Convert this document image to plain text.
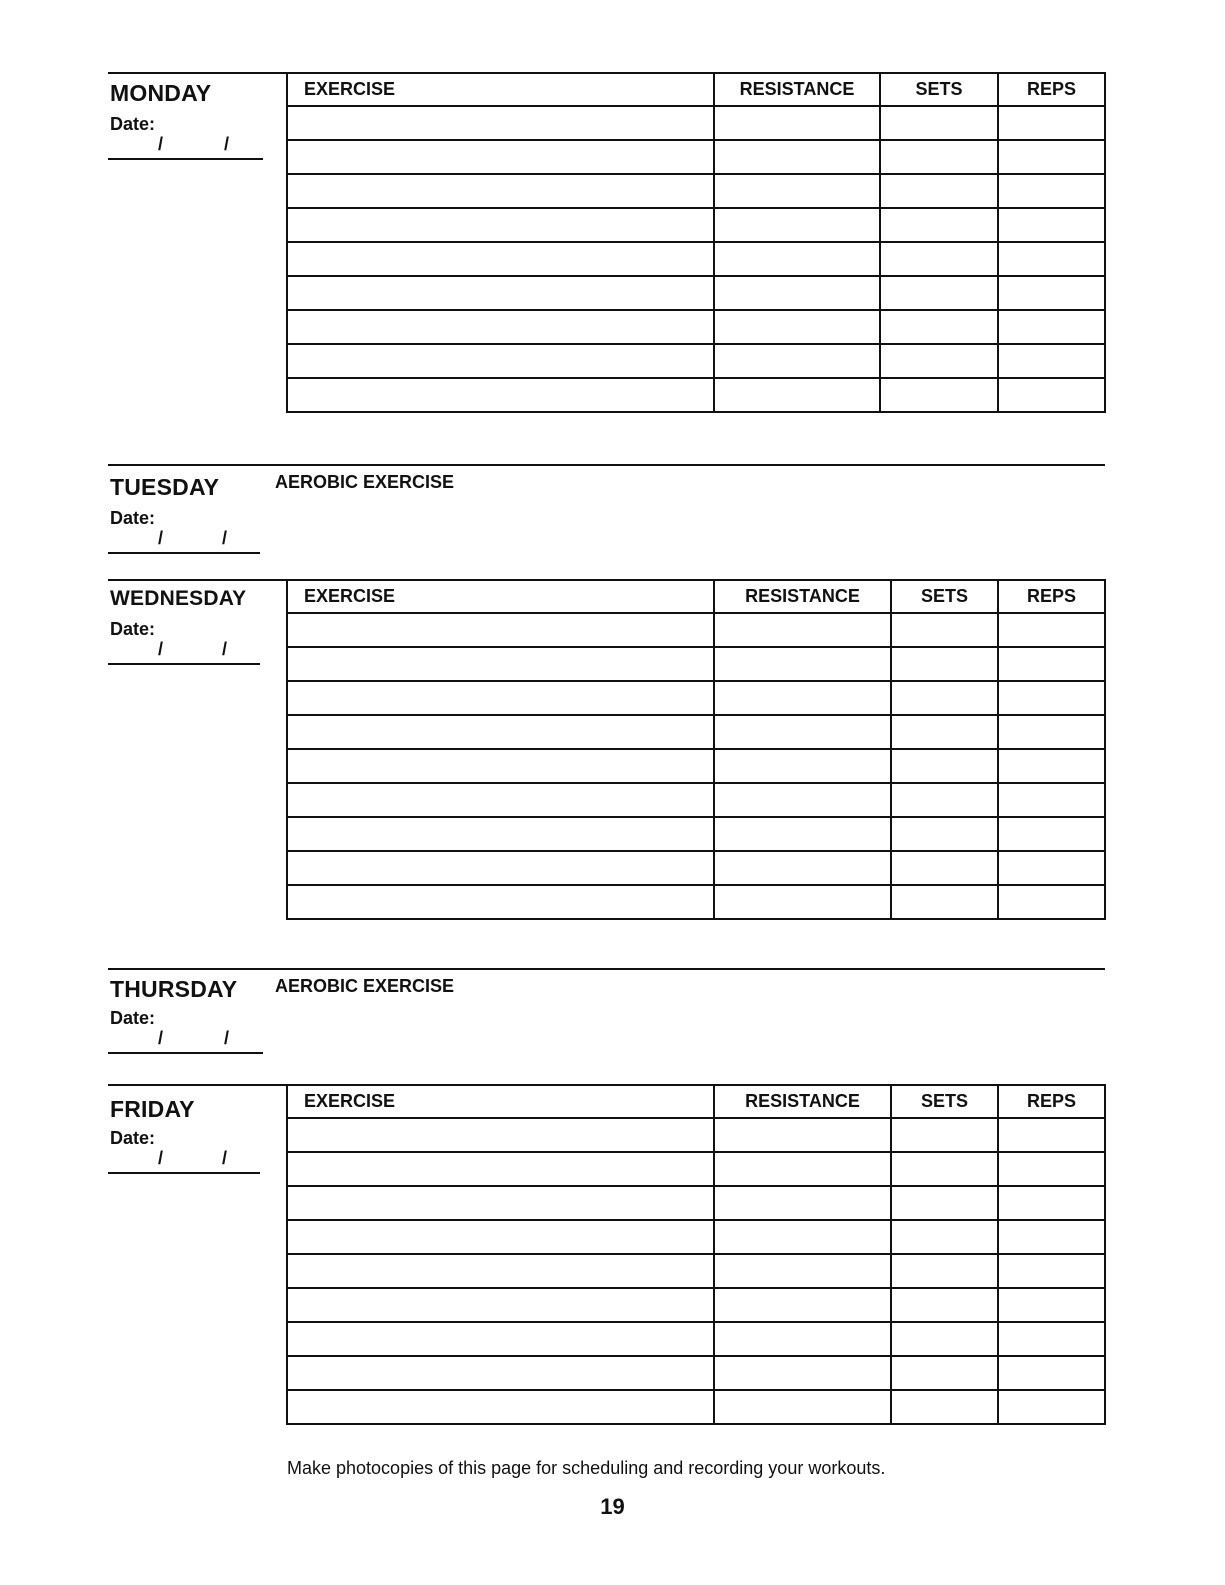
MONDAY
Date:
/	/
EXERCISE	RESISTANCE	SETS	REPS

TUESDAY	AEROBIC EXERCISE
Date:
/	/
WEDNESDAY
Date:
/	/
EXERCISE	RESISTANCE	SETS	REPS

THURSDAY AEROBIC EXERCISE
Date:
/	/
FRIDAY
Date:
/	/
EXERCISE	RESISTANCE	SETS	REPS

Make photocopies of this page for scheduling and recording your workouts.
19
